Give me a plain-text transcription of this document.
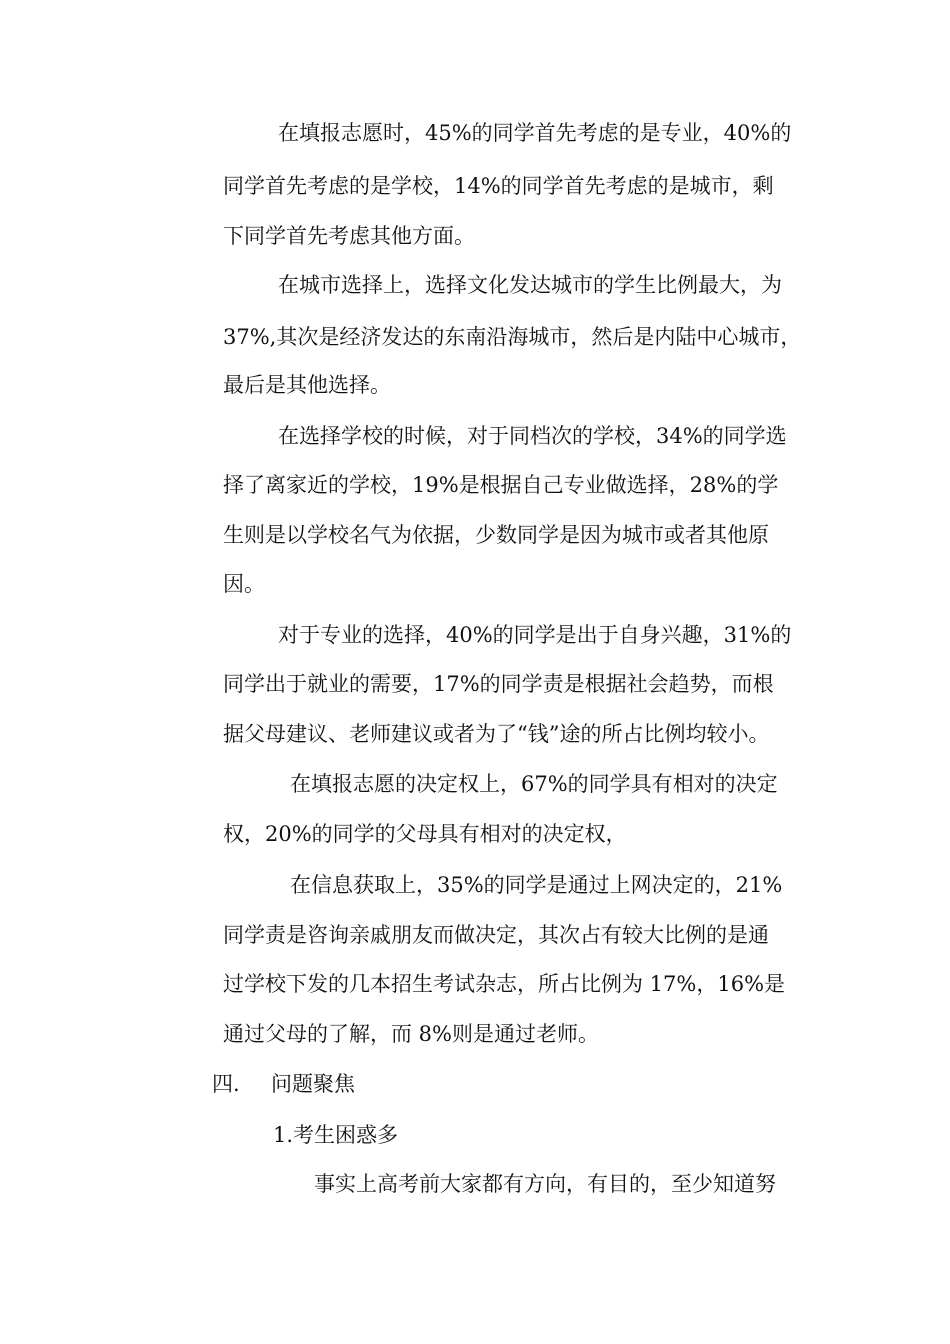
在填报志愿时，45%的同学首先考虑的是专业，40%的
同学首先考虑的是学校，14%的同学首先考虑的是城市，剩
下同学首先考虑其他方面。
在城市选择上，选择文化发达城市的学生比例最大，为
37%,其次是经济发达的东南沿海城市，然后是内陆中心城市，
最后是其他选择。
在选择学校的时候，对于同档次的学校，34%的同学选
择了离家近的学校，19%是根据自己专业做选择，28%的学
生则是以学校名气为依据，少数同学是因为城市或者其他原
因。
对于专业的选择，40%的同学是出于自身兴趣，31%的
同学出于就业的需要，17%的同学责是根据社会趋势，而根
据父母建议、老师建议或者为了“钱”途的所占比例均较小。
在填报志愿的决定权上，67%的同学具有相对的决定
权，20%的同学的父母具有相对的决定权，
在信息获取上，35%的同学是通过上网决定的，21%
同学责是咨询亲戚朋友而做决定，其次占有较大比例的是通
过学校下发的几本招生考试杂志，所占比例为 17%，16%是
通过父母的了解，而 8%则是通过老师。
四. 问题聚焦
1.考生困惑多
事实上高考前大家都有方向，有目的，至少知道努
